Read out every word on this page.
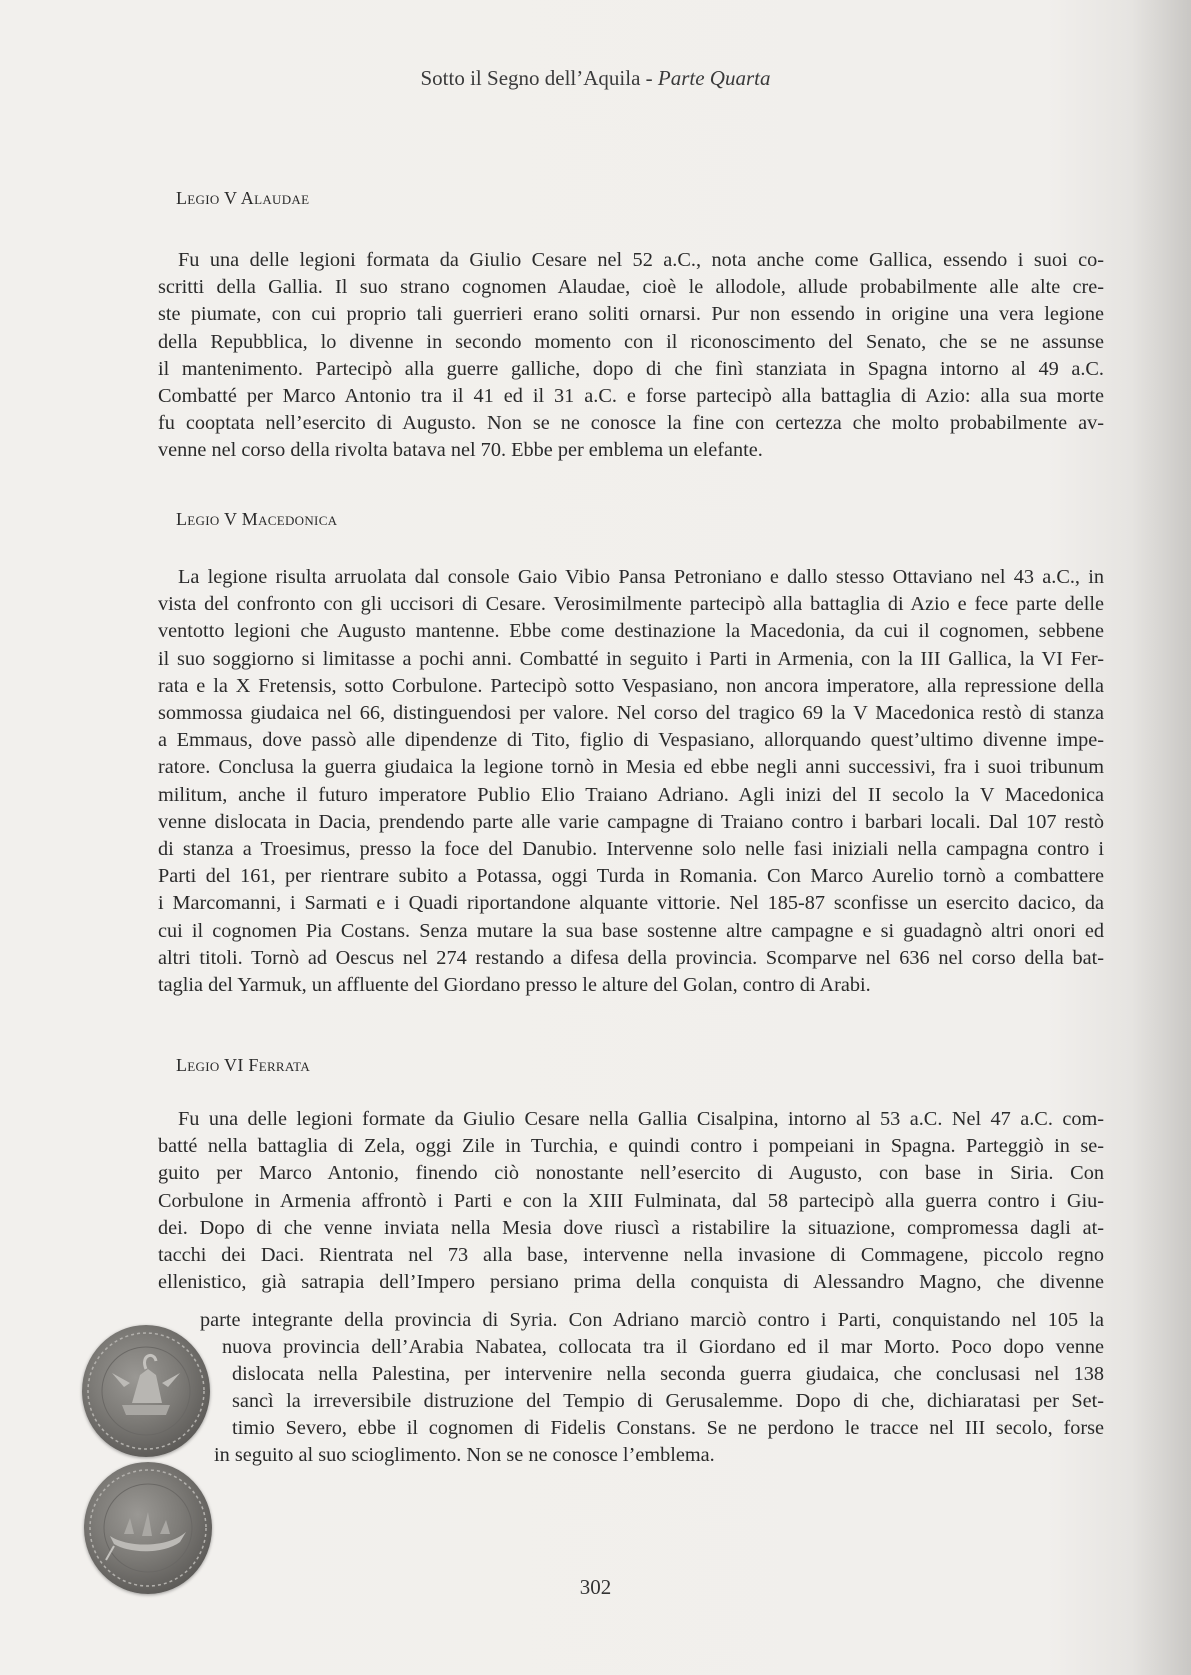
Sotto il Segno dell’Aquila - Parte Quarta
Legio V Alaudae
Fu una delle legioni formata da Giulio Cesare nel 52 a.C., nota anche come Gallica, essendo i suoi co-
scritti della Gallia. Il suo strano cognomen Alaudae, cioè le allodole, allude probabilmente alle alte cre-
ste piumate, con cui proprio tali guerrieri erano soliti ornarsi. Pur non essendo in origine una vera legione
della Repubblica, lo divenne in secondo momento con il riconoscimento del Senato, che se ne assunse
il mantenimento. Partecipò alla guerre galliche, dopo di che finì stanziata in Spagna intorno al 49 a.C.
Combatté per Marco Antonio tra il 41 ed il 31 a.C. e forse partecipò alla battaglia di Azio: alla sua morte
fu cooptata nell’esercito di Augusto. Non se ne conosce la fine con certezza che molto probabilmente av-
venne nel corso della rivolta batava nel 70. Ebbe per emblema un elefante.
Legio V Macedonica
La legione risulta arruolata dal console Gaio Vibio Pansa Petroniano e dallo stesso Ottaviano nel 43 a.C., in
vista del confronto con gli uccisori di Cesare. Verosimilmente partecipò alla battaglia di Azio e fece parte delle
ventotto legioni che Augusto mantenne. Ebbe come destinazione la Macedonia, da cui il cognomen, sebbene
il suo soggiorno si limitasse a pochi anni. Combatté in seguito i Parti in Armenia, con la III Gallica, la VI Fer-
rata e la X Fretensis, sotto Corbulone. Partecipò sotto Vespasiano, non ancora imperatore, alla repressione della
sommossa giudaica nel 66, distinguendosi per valore. Nel corso del tragico 69 la V Macedonica restò di stanza
a Emmaus, dove passò alle dipendenze di Tito, figlio di Vespasiano, allorquando quest’ultimo divenne impe-
ratore. Conclusa la guerra giudaica la legione tornò in Mesia ed ebbe negli anni successivi, fra i suoi tribunum
militum, anche il futuro imperatore Publio Elio Traiano Adriano. Agli inizi del II secolo la V Macedonica
venne dislocata in Dacia, prendendo parte alle varie campagne di Traiano contro i barbari locali. Dal 107 restò
di stanza a Troesimus, presso la foce del Danubio. Intervenne solo nelle fasi iniziali nella campagna contro i
Parti del 161, per rientrare subito a Potassa, oggi Turda in Romania. Con Marco Aurelio tornò a combattere
i Marcomanni, i Sarmati e i Quadi riportandone alquante vittorie. Nel 185-87 sconfisse un esercito dacico, da
cui il cognomen Pia Costans. Senza mutare la sua base sostenne altre campagne e si guadagnò altri onori ed
altri titoli. Tornò ad Oescus nel 274 restando a difesa della provincia. Scomparve nel 636 nel corso della bat-
taglia del Yarmuk, un affluente del Giordano presso le alture del Golan, contro di Arabi.
Legio VI Ferrata
Fu una delle legioni formate da Giulio Cesare nella Gallia Cisalpina, intorno al 53 a.C. Nel 47 a.C. com-
batté nella battaglia di Zela, oggi Zile in Turchia, e quindi contro i pompeiani in Spagna. Parteggiò in se-
guito per Marco Antonio, finendo ciò nonostante nell’esercito di Augusto, con base in Siria. Con
Corbulone in Armenia affrontò i Parti e con la XIII Fulminata, dal 58 partecipò alla guerra contro i Giu-
dei. Dopo di che venne inviata nella Mesia dove riuscì a ristabilire la situazione, compromessa dagli at-
tacchi dei Daci. Rientrata nel 73 alla base, intervenne nella invasione di Commagene, piccolo regno
ellenistico, già satrapia dell’Impero persiano prima della conquista di Alessandro Magno, che divenne
parte integrante della provincia di Syria. Con Adriano marciò contro i Parti, conquistando nel 105 la
nuova provincia dell’Arabia Nabatea, collocata tra il Giordano ed il mar Morto. Poco dopo venne
dislocata nella Palestina, per intervenire nella seconda guerra giudaica, che conclusasi nel 138
sancì la irreversibile distruzione del Tempio di Gerusalemme. Dopo di che, dichiaratasi per Set-
timio Severo, ebbe il cognomen di Fidelis Constans. Se ne perdono le tracce nel III secolo, forse
in seguito al suo scioglimento. Non se ne conosce l’emblema.
302
